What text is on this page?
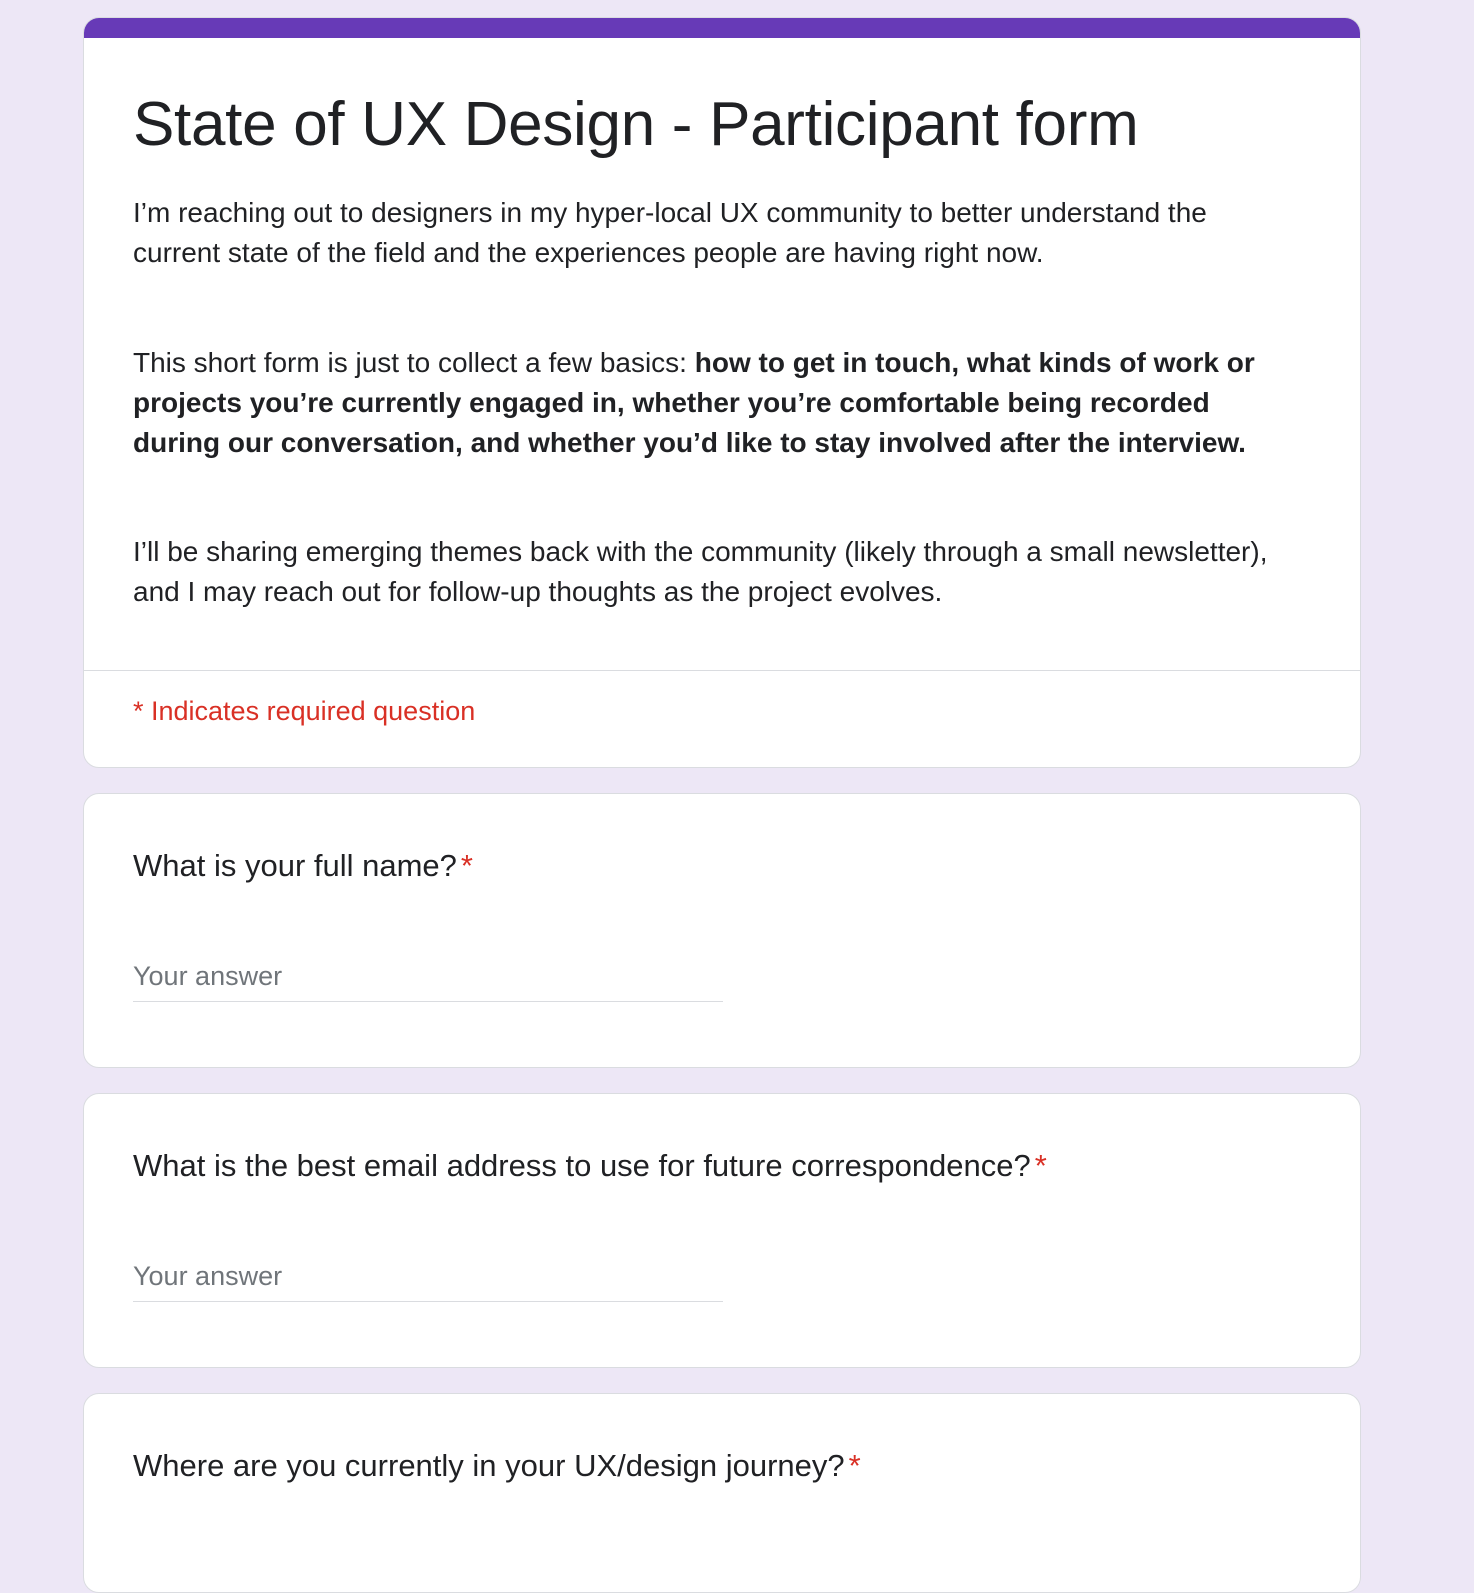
State of UX Design - Participant form

I’m reaching out to designers in my hyper-local UX community to better understand the current state of the field and the experiences people are having right now.

This short form is just to collect a few basics: how to get in touch, what kinds of work or projects you’re currently engaged in, whether you’re comfortable being recorded during our conversation, and whether you’d like to stay involved after the interview.

I’ll be sharing emerging themes back with the community (likely through a small newsletter), and I may reach out for follow-up thoughts as the project evolves.

* Indicates required question
What is your full name? *
Your answer
What is the best email address to use for future correspondence? *
Your answer
Where are you currently in your UX/design journey? *
